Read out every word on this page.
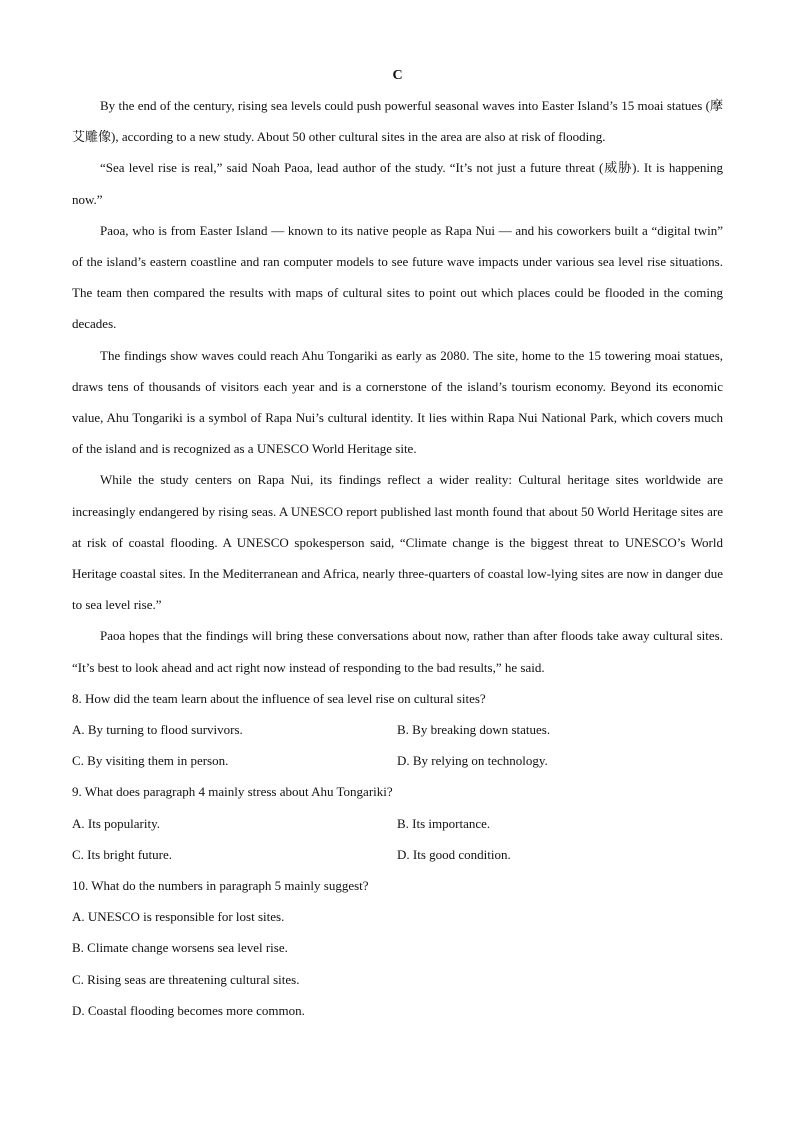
C

By the end of the century, rising sea levels could push powerful seasonal waves into Easter Island’s 15 moai statues (摩艾雕像), according to a new study. About 50 other cultural sites in the area are also at risk of flooding.

“Sea level rise is real,” said Noah Paoa, lead author of the study. “It’s not just a future threat (威胁). It is happening now.”

Paoa, who is from Easter Island — known to its native people as Rapa Nui — and his coworkers built a “digital twin” of the island’s eastern coastline and ran computer models to see future wave impacts under various sea level rise situations. The team then compared the results with maps of cultural sites to point out which places could be flooded in the coming decades.

The findings show waves could reach Ahu Tongariki as early as 2080. The site, home to the 15 towering moai statues, draws tens of thousands of visitors each year and is a cornerstone of the island’s tourism economy. Beyond its economic value, Ahu Tongariki is a symbol of Rapa Nui’s cultural identity. It lies within Rapa Nui National Park, which covers much of the island and is recognized as a UNESCO World Heritage site.

While the study centers on Rapa Nui, its findings reflect a wider reality: Cultural heritage sites worldwide are increasingly endangered by rising seas. A UNESCO report published last month found that about 50 World Heritage sites are at risk of coastal flooding. A UNESCO spokesperson said, “Climate change is the biggest threat to UNESCO’s World Heritage coastal sites. In the Mediterranean and Africa, nearly three-quarters of coastal low-lying sites are now in danger due to sea level rise.”

Paoa hopes that the findings will bring these conversations about now, rather than after floods take away cultural sites. “It’s best to look ahead and act right now instead of responding to the bad results,” he said.

8. How did the team learn about the influence of sea level rise on cultural sites?

A. By turning to flood survivors.	B. By breaking down statues.
C. By visiting them in person.	D. By relying on technology.

9. What does paragraph 4 mainly stress about Ahu Tongariki?

A. Its popularity.	B. Its importance.
C. Its bright future.	D. Its good condition.

10. What do the numbers in paragraph 5 mainly suggest?

A. UNESCO is responsible for lost sites.
B. Climate change worsens sea level rise.
C. Rising seas are threatening cultural sites.
D. Coastal flooding becomes more common.
